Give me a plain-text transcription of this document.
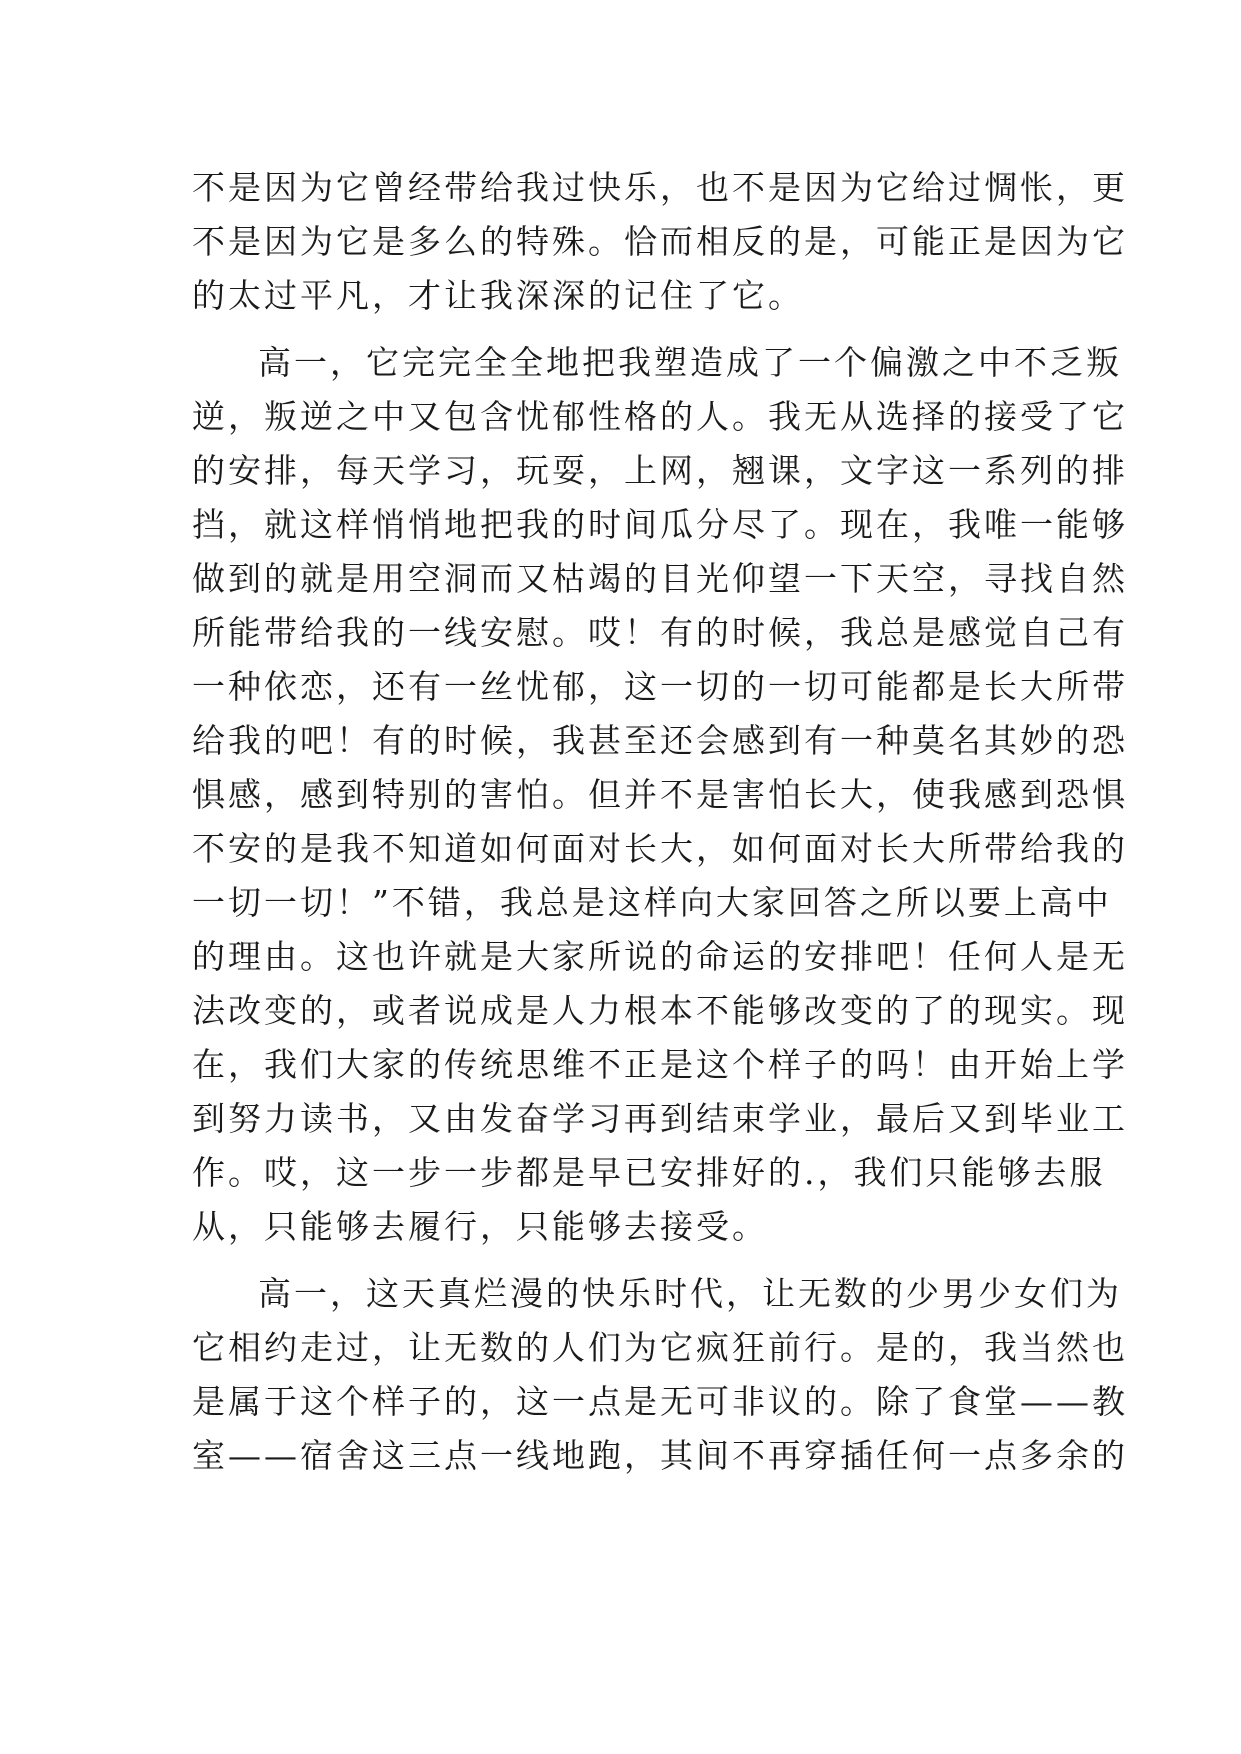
不是因为它曾经带给我过快乐，也不是因为它给过惆怅，更
不是因为它是多么的特殊。恰而相反的是，可能正是因为它
的太过平凡，才让我深深的记住了它。
高一，它完完全全地把我塑造成了一个偏激之中不乏叛
逆，叛逆之中又包含忧郁性格的人。我无从选择的接受了它
的安排，每天学习，玩耍，上网，翘课，文字这一系列的排
挡，就这样悄悄地把我的时间瓜分尽了。现在，我唯一能够
做到的就是用空洞而又枯竭的目光仰望一下天空，寻找自然
所能带给我的一线安慰。哎！有的时候，我总是感觉自己有
一种依恋，还有一丝忧郁，这一切的一切可能都是长大所带
给我的吧！有的时候，我甚至还会感到有一种莫名其妙的恐
惧感，感到特别的害怕。但并不是害怕长大，使我感到恐惧
不安的是我不知道如何面对长大，如何面对长大所带给我的
一切一切！”不错，我总是这样向大家回答之所以要上高中
的理由。这也许就是大家所说的命运的安排吧！任何人是无
法改变的，或者说成是人力根本不能够改变的了的现实。现
在，我们大家的传统思维不正是这个样子的吗！由开始上学
到努力读书，又由发奋学习再到结束学业，最后又到毕业工
作。哎，这一步一步都是早已安排好的.，我们只能够去服
从，只能够去履行，只能够去接受。
高一，这天真烂漫的快乐时代，让无数的少男少女们为
它相约走过，让无数的人们为它疯狂前行。是的，我当然也
是属于这个样子的，这一点是无可非议的。除了食堂——教
室——宿舍这三点一线地跑，其间不再穿插任何一点多余的
